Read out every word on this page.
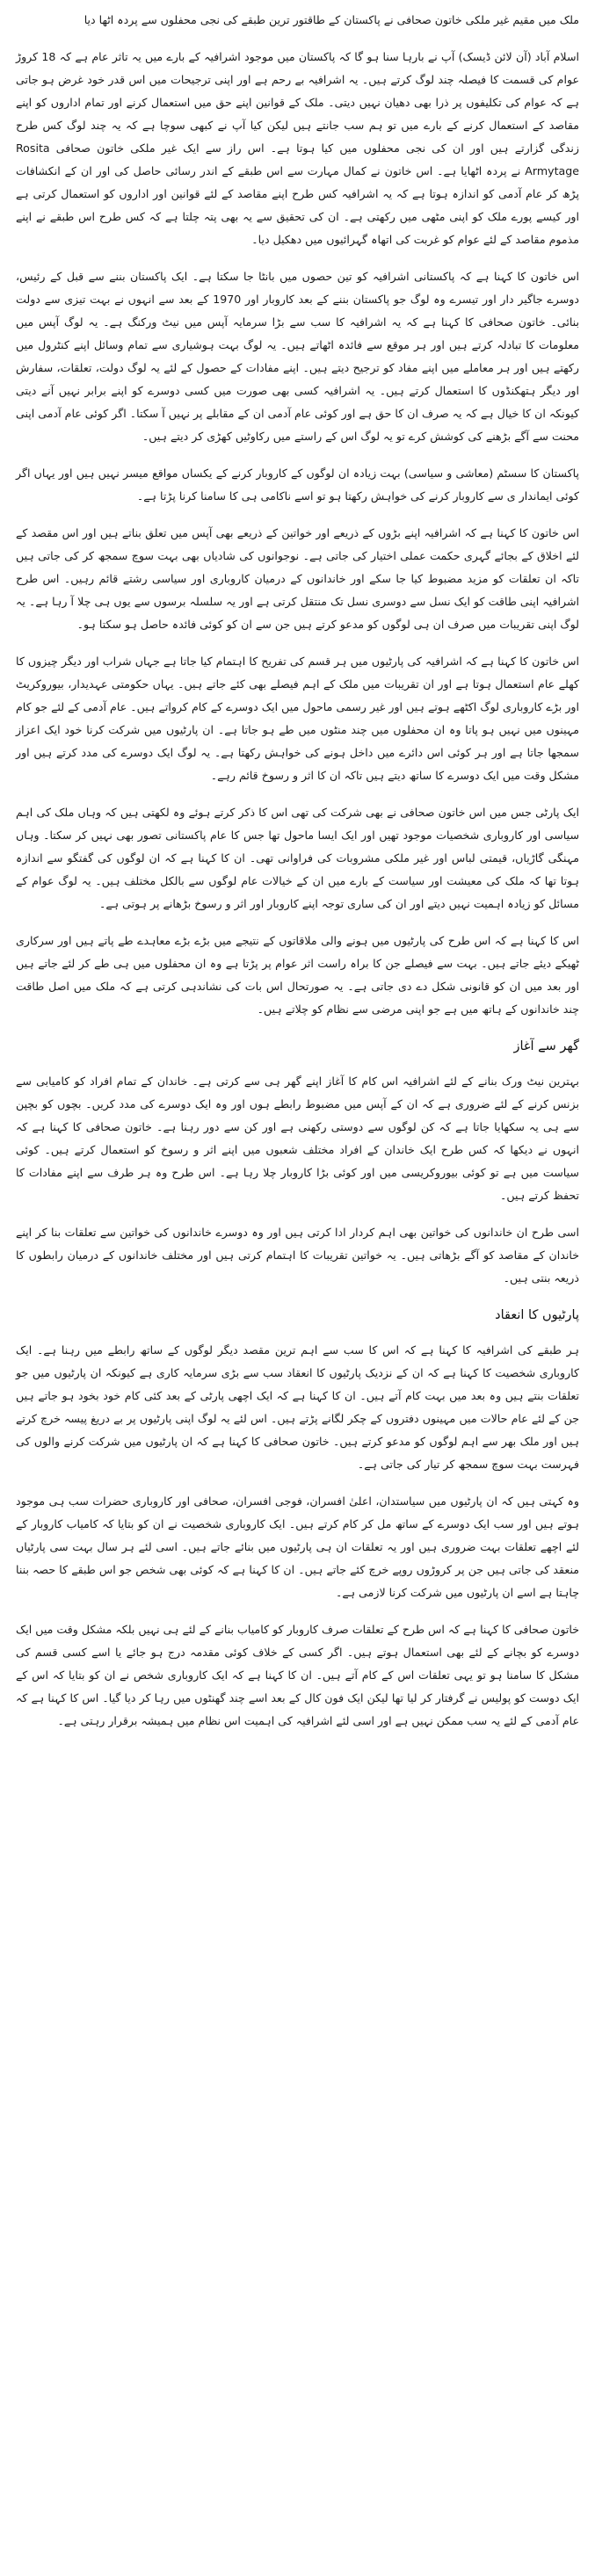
ملک میں مقیم غیر ملکی خاتون صحافی نے پاکستان کے طاقتور ترین طبقے کی نجی محفلوں سے پردہ اٹھا دیا

اسلام آباد (آن لائن ڈیسک) آپ نے بارہا سنا ہو گا کہ پاکستان میں موجود اشرافیہ کے بارے میں یہ تاثر عام ہے کہ 18 کروڑ عوام کی قسمت کا فیصلہ چند لوگ کرتے ہیں۔ یہ اشرافیہ بے رحم ہے اور اپنی ترجیحات میں اس قدر خود غرض ہو جاتی ہے کہ عوام کی تکلیفوں پر ذرا بھی دھیان نہیں دیتی۔ ملک کے قوانین اپنے حق میں استعمال کرنے اور تمام اداروں کو اپنے مقاصد کے استعمال کرنے کے بارے میں تو ہم سب جانتے ہیں لیکن کیا آپ نے کبھی سوچا ہے کہ یہ چند لوگ کس طرح زندگی گزارتے ہیں اور ان کی نجی محفلوں میں کیا ہوتا ہے۔ اس راز سے ایک غیر ملکی خاتون صحافی Rosita Armytage نے پردہ اٹھایا ہے۔ اس خاتون نے کمال مہارت سے اس طبقے کے اندر رسائی حاصل کی اور ان کے انکشافات پڑھ کر عام آدمی کو اندازہ ہوتا ہے کہ یہ اشرافیہ کس طرح اپنے مقاصد کے لئے قوانین اور اداروں کو استعمال کرتی ہے اور کیسے پورے ملک کو اپنی مٹھی میں رکھتی ہے۔ ان کی تحقیق سے یہ بھی پتہ چلتا ہے کہ کس طرح اس طبقے نے اپنے مذموم مقاصد کے لئے عوام کو غربت کی اتھاہ گہرائیوں میں دھکیل دیا۔

اس خاتون کا کہنا ہے کہ پاکستانی اشرافیہ کو تین حصوں میں بانٹا جا سکتا ہے۔ ایک پاکستان بننے سے قبل کے رئیس، دوسرے جاگیر دار اور تیسرے وہ لوگ جو پاکستان بننے کے بعد کاروبار اور 1970 کے بعد سے انہوں نے بہت تیزی سے دولت بنائی۔ خاتون صحافی کا کہنا ہے کہ یہ اشرافیہ کا سب سے بڑا سرمایہ آپس میں نیٹ ورکنگ ہے۔ یہ لوگ آپس میں معلومات کا تبادلہ کرتے ہیں اور ہر موقع سے فائدہ اٹھاتے ہیں۔ یہ لوگ بہت ہوشیاری سے تمام وسائل اپنے کنٹرول میں رکھتے ہیں اور ہر معاملے میں اپنے مفاد کو ترجیح دیتے ہیں۔ اپنے مفادات کے حصول کے لئے یہ لوگ دولت، تعلقات، سفارش اور دیگر ہتھکنڈوں کا استعمال کرتے ہیں۔ یہ اشرافیہ کسی بھی صورت میں کسی دوسرے کو اپنے برابر نہیں آنے دیتی کیونکہ ان کا خیال ہے کہ یہ صرف ان کا حق ہے اور کوئی عام آدمی ان کے مقابلے پر نہیں آ سکتا۔ اگر کوئی عام آدمی اپنی محنت سے آگے بڑھنے کی کوشش کرے تو یہ لوگ اس کے راستے میں رکاوٹیں کھڑی کر دیتے ہیں۔

پاکستان کا سسٹم (معاشی و سیاسی) بہت زیادہ ان لوگوں کے کاروبار کرنے کے یکساں مواقع میسر نہیں ہیں اور یہاں اگر کوئی ایماندار ی سے کاروبار کرنے کی خواہش رکھتا ہو تو اسے ناکامی ہی کا سامنا کرنا پڑتا ہے۔

اس خاتون کا کہنا ہے کہ اشرافیہ اپنے بڑوں کے ذریعے اور خواتین کے ذریعے بھی آپس میں تعلق بناتے ہیں اور اس مقصد کے لئے اخلاق کے بجائے گہری حکمت عملی اختیار کی جاتی ہے۔ نوجوانوں کی شادیاں بھی بہت سوچ سمجھ کر کی جاتی ہیں تاکہ ان تعلقات کو مزید مضبوط کیا جا سکے اور خاندانوں کے درمیان کاروباری اور سیاسی رشتے قائم رہیں۔ اس طرح اشرافیہ اپنی طاقت کو ایک نسل سے دوسری نسل تک منتقل کرتی ہے اور یہ سلسلہ برسوں سے یوں ہی چلا آ رہا ہے۔ یہ لوگ اپنی تقریبات میں صرف ان ہی لوگوں کو مدعو کرتے ہیں جن سے ان کو کوئی فائدہ حاصل ہو سکتا ہو۔

اس خاتون کا کہنا ہے کہ اشرافیہ کی پارٹیوں میں ہر قسم کی تفریح کا اہتمام کیا جاتا ہے جہاں شراب اور دیگر چیزوں کا کھلے عام استعمال ہوتا ہے اور ان تقریبات میں ملک کے اہم فیصلے بھی کئے جاتے ہیں۔ یہاں حکومتی عہدیدار، بیوروکریٹ اور بڑے کاروباری لوگ اکٹھے ہوتے ہیں اور غیر رسمی ماحول میں ایک دوسرے کے کام کرواتے ہیں۔ عام آدمی کے لئے جو کام مہینوں میں نہیں ہو پاتا وہ ان محفلوں میں چند منٹوں میں طے ہو جاتا ہے۔ ان پارٹیوں میں شرکت کرنا خود ایک اعزاز سمجھا جاتا ہے اور ہر کوئی اس دائرے میں داخل ہونے کی خواہش رکھتا ہے۔ یہ لوگ ایک دوسرے کی مدد کرتے ہیں اور مشکل وقت میں ایک دوسرے کا ساتھ دیتے ہیں تاکہ ان کا اثر و رسوخ قائم رہے۔

ایک پارٹی جس میں اس خاتون صحافی نے بھی شرکت کی تھی اس کا ذکر کرتے ہوئے وہ لکھتی ہیں کہ وہاں ملک کی اہم سیاسی اور کاروباری شخصیات موجود تھیں اور ایک ایسا ماحول تھا جس کا عام پاکستانی تصور بھی نہیں کر سکتا۔ وہاں مہنگی گاڑیاں، قیمتی لباس اور غیر ملکی مشروبات کی فراوانی تھی۔ ان کا کہنا ہے کہ ان لوگوں کی گفتگو سے اندازہ ہوتا تھا کہ ملک کی معیشت اور سیاست کے بارے میں ان کے خیالات عام لوگوں سے بالکل مختلف ہیں۔ یہ لوگ عوام کے مسائل کو زیادہ اہمیت نہیں دیتے اور ان کی ساری توجہ اپنے کاروبار اور اثر و رسوخ بڑھانے پر ہوتی ہے۔

اس کا کہنا ہے کہ اس طرح کی پارٹیوں میں ہونے والی ملاقاتوں کے نتیجے میں بڑے بڑے معاہدے طے پاتے ہیں اور سرکاری ٹھیکے دیئے جاتے ہیں۔ بہت سے فیصلے جن کا براہ راست اثر عوام پر پڑتا ہے وہ ان محفلوں میں ہی طے کر لئے جاتے ہیں اور بعد میں ان کو قانونی شکل دے دی جاتی ہے۔ یہ صورتحال اس بات کی نشاندہی کرتی ہے کہ ملک میں اصل طاقت چند خاندانوں کے ہاتھ میں ہے جو اپنی مرضی سے نظام کو چلاتے ہیں۔

گھر سے آغاز

بہترین نیٹ ورک بنانے کے لئے اشرافیہ اس کام کا آغاز اپنے گھر ہی سے کرتی ہے۔ خاندان کے تمام افراد کو کامیابی سے بزنس کرنے کے لئے ضروری ہے کہ ان کے آپس میں مضبوط رابطے ہوں اور وہ ایک دوسرے کی مدد کریں۔ بچوں کو بچپن سے ہی یہ سکھایا جاتا ہے کہ کن لوگوں سے دوستی رکھنی ہے اور کن سے دور رہنا ہے۔ خاتون صحافی کا کہنا ہے کہ انہوں نے دیکھا کہ کس طرح ایک خاندان کے افراد مختلف شعبوں میں اپنے اثر و رسوخ کو استعمال کرتے ہیں۔ کوئی سیاست میں ہے تو کوئی بیوروکریسی میں اور کوئی بڑا کاروبار چلا رہا ہے۔ اس طرح وہ ہر طرف سے اپنے مفادات کا تحفظ کرتے ہیں۔

اسی طرح ان خاندانوں کی خواتین بھی اہم کردار ادا کرتی ہیں اور وہ دوسرے خاندانوں کی خواتین سے تعلقات بنا کر اپنے خاندان کے مقاصد کو آگے بڑھاتی ہیں۔ یہ خواتین تقریبات کا اہتمام کرتی ہیں اور مختلف خاندانوں کے درمیان رابطوں کا ذریعہ بنتی ہیں۔

پارٹیوں کا انعقاد

ہر طبقے کی اشرافیہ کا کہنا ہے کہ اس کا سب سے اہم ترین مقصد دیگر لوگوں کے ساتھ رابطے میں رہنا ہے۔ ایک کاروباری شخصیت کا کہنا ہے کہ ان کے نزدیک پارٹیوں کا انعقاد سب سے بڑی سرمایہ کاری ہے کیونکہ ان پارٹیوں میں جو تعلقات بنتے ہیں وہ بعد میں بہت کام آتے ہیں۔ ان کا کہنا ہے کہ ایک اچھی پارٹی کے بعد کئی کام خود بخود ہو جاتے ہیں جن کے لئے عام حالات میں مہینوں دفتروں کے چکر لگانے پڑتے ہیں۔ اس لئے یہ لوگ اپنی پارٹیوں پر بے دریغ پیسہ خرچ کرتے ہیں اور ملک بھر سے اہم لوگوں کو مدعو کرتے ہیں۔ خاتون صحافی کا کہنا ہے کہ ان پارٹیوں میں شرکت کرنے والوں کی فہرست بہت سوچ سمجھ کر تیار کی جاتی ہے۔

وہ کہتی ہیں کہ ان پارٹیوں میں سیاستدان، اعلیٰ افسران، فوجی افسران، صحافی اور کاروباری حضرات سب ہی موجود ہوتے ہیں اور سب ایک دوسرے کے ساتھ مل کر کام کرتے ہیں۔ ایک کاروباری شخصیت نے ان کو بتایا کہ کامیاب کاروبار کے لئے اچھے تعلقات بہت ضروری ہیں اور یہ تعلقات ان ہی پارٹیوں میں بنائے جاتے ہیں۔ اسی لئے ہر سال بہت سی پارٹیاں منعقد کی جاتی ہیں جن پر کروڑوں روپے خرچ کئے جاتے ہیں۔ ان کا کہنا ہے کہ کوئی بھی شخص جو اس طبقے کا حصہ بننا چاہتا ہے اسے ان پارٹیوں میں شرکت کرنا لازمی ہے۔

خاتون صحافی کا کہنا ہے کہ اس طرح کے تعلقات صرف کاروبار کو کامیاب بنانے کے لئے ہی نہیں بلکہ مشکل وقت میں ایک دوسرے کو بچانے کے لئے بھی استعمال ہوتے ہیں۔ اگر کسی کے خلاف کوئی مقدمہ درج ہو جائے یا اسے کسی قسم کی مشکل کا سامنا ہو تو یہی تعلقات اس کے کام آتے ہیں۔ ان کا کہنا ہے کہ ایک کاروباری شخص نے ان کو بتایا کہ اس کے ایک دوست کو پولیس نے گرفتار کر لیا تھا لیکن ایک فون کال کے بعد اسے چند گھنٹوں میں رہا کر دیا گیا۔ اس کا کہنا ہے کہ عام آدمی کے لئے یہ سب ممکن نہیں ہے اور اسی لئے اشرافیہ کی اہمیت اس نظام میں ہمیشہ برقرار رہتی ہے۔
